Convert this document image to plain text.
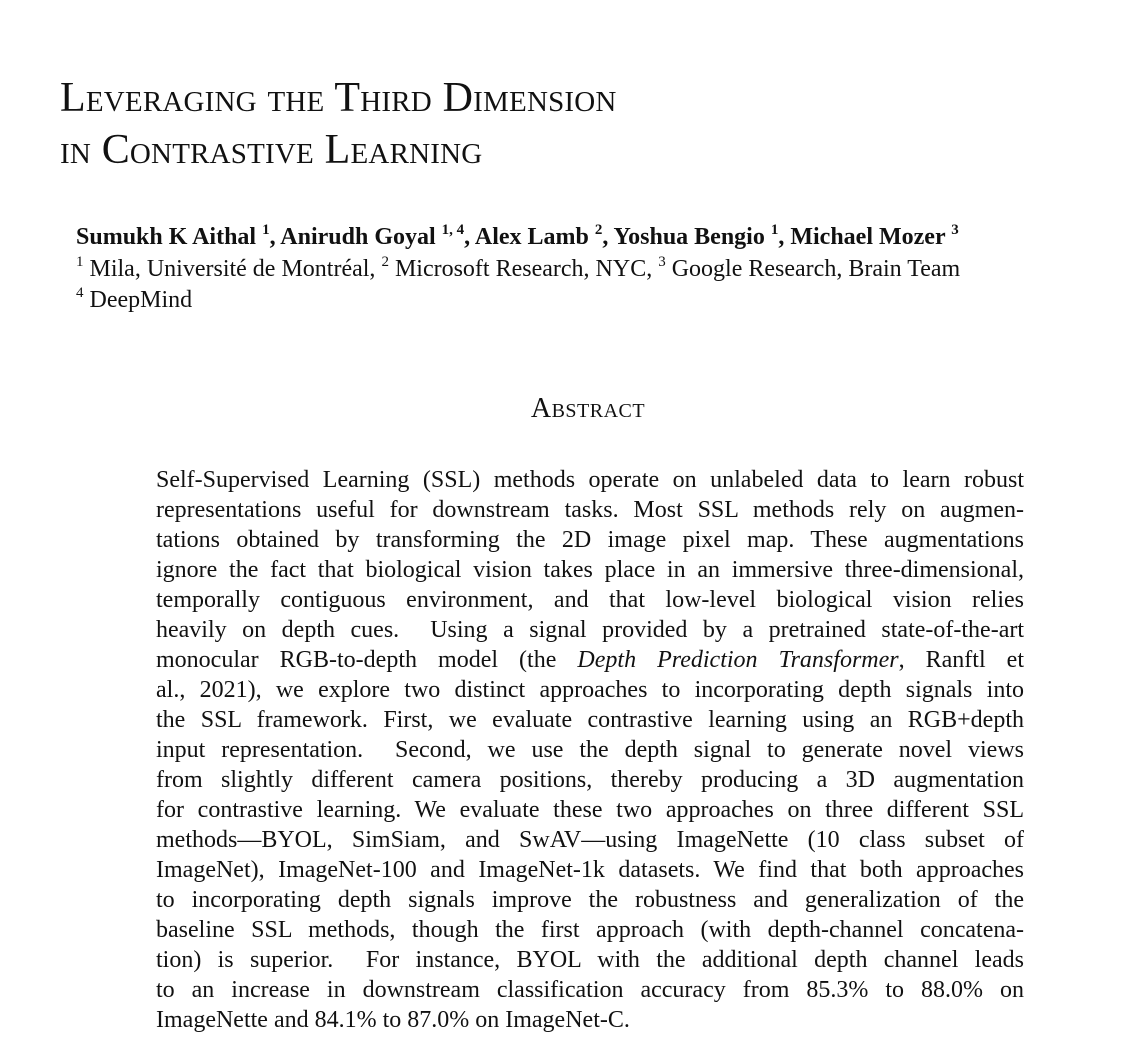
Leveraging the Third Dimension
in Contrastive Learning
Sumukh K Aithal $^1$, Anirudh Goyal $^{1, 4}$, Alex Lamb $^2$, Yoshua Bengio $^1$, Michael Mozer $^3$
$^1$ Mila, Université de Montréal, $^2$ Microsoft Research, NYC, $^3$ Google Research, Brain Team
$^4$ DeepMind
Abstract
Self-Supervised Learning (SSL) methods operate on unlabeled data to learn robust
representations useful for downstream tasks. Most SSL methods rely on augmen-
tations obtained by transforming the 2D image pixel map. These augmentations
ignore the fact that biological vision takes place in an immersive three-dimensional,
temporally contiguous environment, and that low-level biological vision relies
heavily on depth cues.  Using a signal provided by a pretrained state-of-the-art
monocular RGB-to-depth model (the Depth Prediction Transformer, Ranftl et
al., 2021), we explore two distinct approaches to incorporating depth signals into
the SSL framework. First, we evaluate contrastive learning using an RGB+depth
input representation.  Second, we use the depth signal to generate novel views
from slightly different camera positions, thereby producing a 3D augmentation
for contrastive learning. We evaluate these two approaches on three different SSL
methods—BYOL, SimSiam, and SwAV—using ImageNette (10 class subset of
ImageNet), ImageNet-100 and ImageNet-1k datasets. We find that both approaches
to incorporating depth signals improve the robustness and generalization of the
baseline SSL methods, though the first approach (with depth-channel concatena-
tion) is superior.  For instance, BYOL with the additional depth channel leads
to an increase in downstream classification accuracy from 85.3% to 88.0% on
ImageNette and 84.1% to 87.0% on ImageNet-C.
